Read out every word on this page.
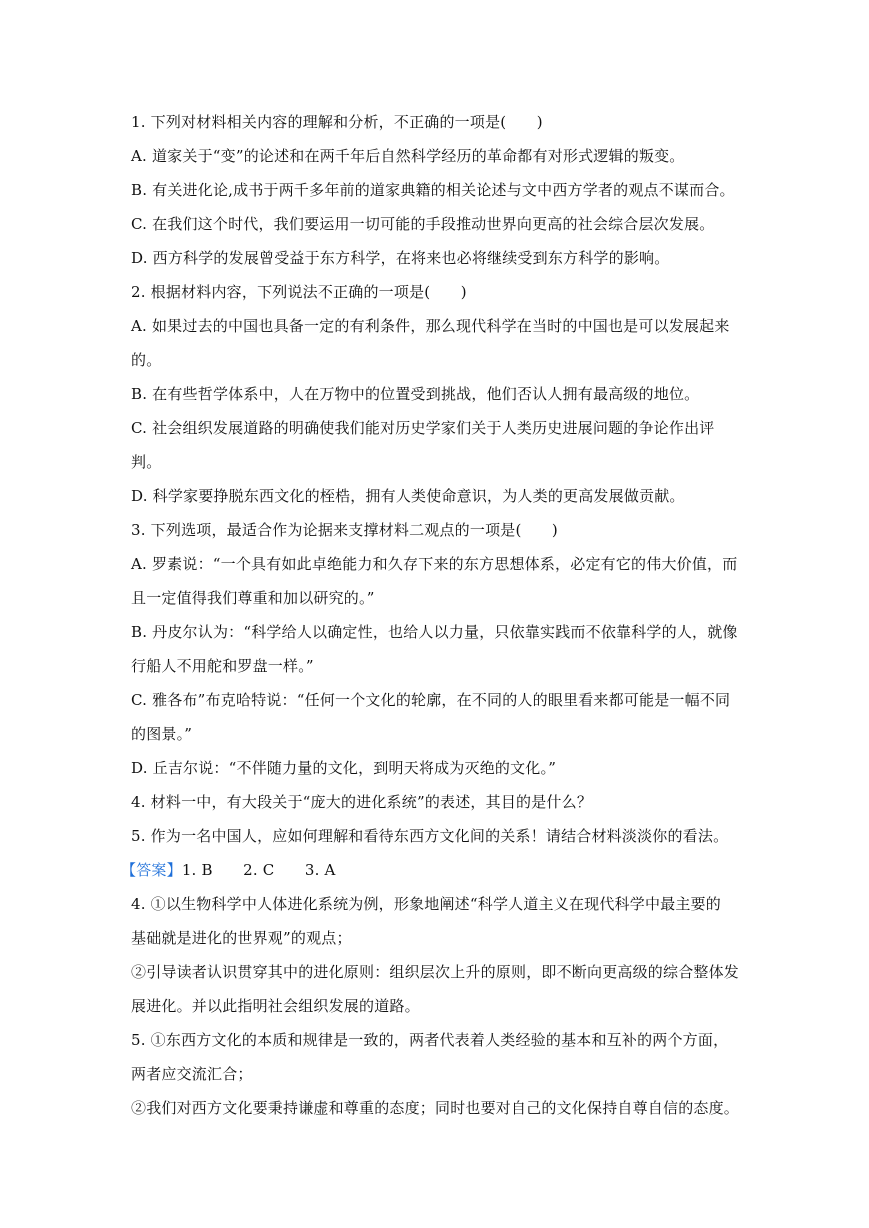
1. 下列对材料相关内容的理解和分析，不正确的一项是(　　)
A. 道家关于“变”的论述和在两千年后自然科学经历的革命都有对形式逻辑的叛变。
B. 有关进化论,成书于两千多年前的道家典籍的相关论述与文中西方学者的观点不谋而合。
C. 在我们这个时代，我们要运用一切可能的手段推动世界向更高的社会综合层次发展。
D. 西方科学的发展曾受益于东方科学，在将来也必将继续受到东方科学的影响。
2. 根据材料内容，下列说法不正确的一项是(　　)
A. 如果过去的中国也具备一定的有利条件，那么现代科学在当时的中国也是可以发展起来
的。
B. 在有些哲学体系中，人在万物中的位置受到挑战，他们否认人拥有最高级的地位。
C. 社会组织发展道路的明确使我们能对历史学家们关于人类历史进展问题的争论作出评
判。
D. 科学家要挣脱东西文化的桎梏，拥有人类使命意识，为人类的更高发展做贡献。
3. 下列选项，最适合作为论据来支撑材料二观点的一项是(　　)
A. 罗素说：“一个具有如此卓绝能力和久存下来的东方思想体系，必定有它的伟大价值，而
且一定值得我们尊重和加以研究的。”
B. 丹皮尔认为：“科学给人以确定性，也给人以力量，只依靠实践而不依靠科学的人，就像
行船人不用舵和罗盘一样。”
C. 雅各布”布克哈特说：“任何一个文化的轮廓，在不同的人的眼里看来都可能是一幅不同
的图景。”
D. 丘吉尔说：“不伴随力量的文化，到明天将成为灭绝的文化。”
4. 材料一中，有大段关于“庞大的进化系统”的表述，其目的是什么？
5. 作为一名中国人，应如何理解和看待东西方文化间的关系！请结合材料淡淡你的看法。
【答案】1. B　　2. C　　3. A
4. ①以生物科学中人体进化系统为例，形象地阐述“科学人道主义在现代科学中最主要的
基础就是进化的世界观”的观点；
②引导读者认识贯穿其中的进化原则：组织层次上升的原则，即不断向更高级的综合整体发
展进化。并以此指明社会组织发展的道路。
5. ①东西方文化的本质和规律是一致的，两者代表着人类经验的基本和互补的两个方面，
两者应交流汇合；
②我们对西方文化要秉持谦虚和尊重的态度；同时也要对自己的文化保持自尊自信的态度。
